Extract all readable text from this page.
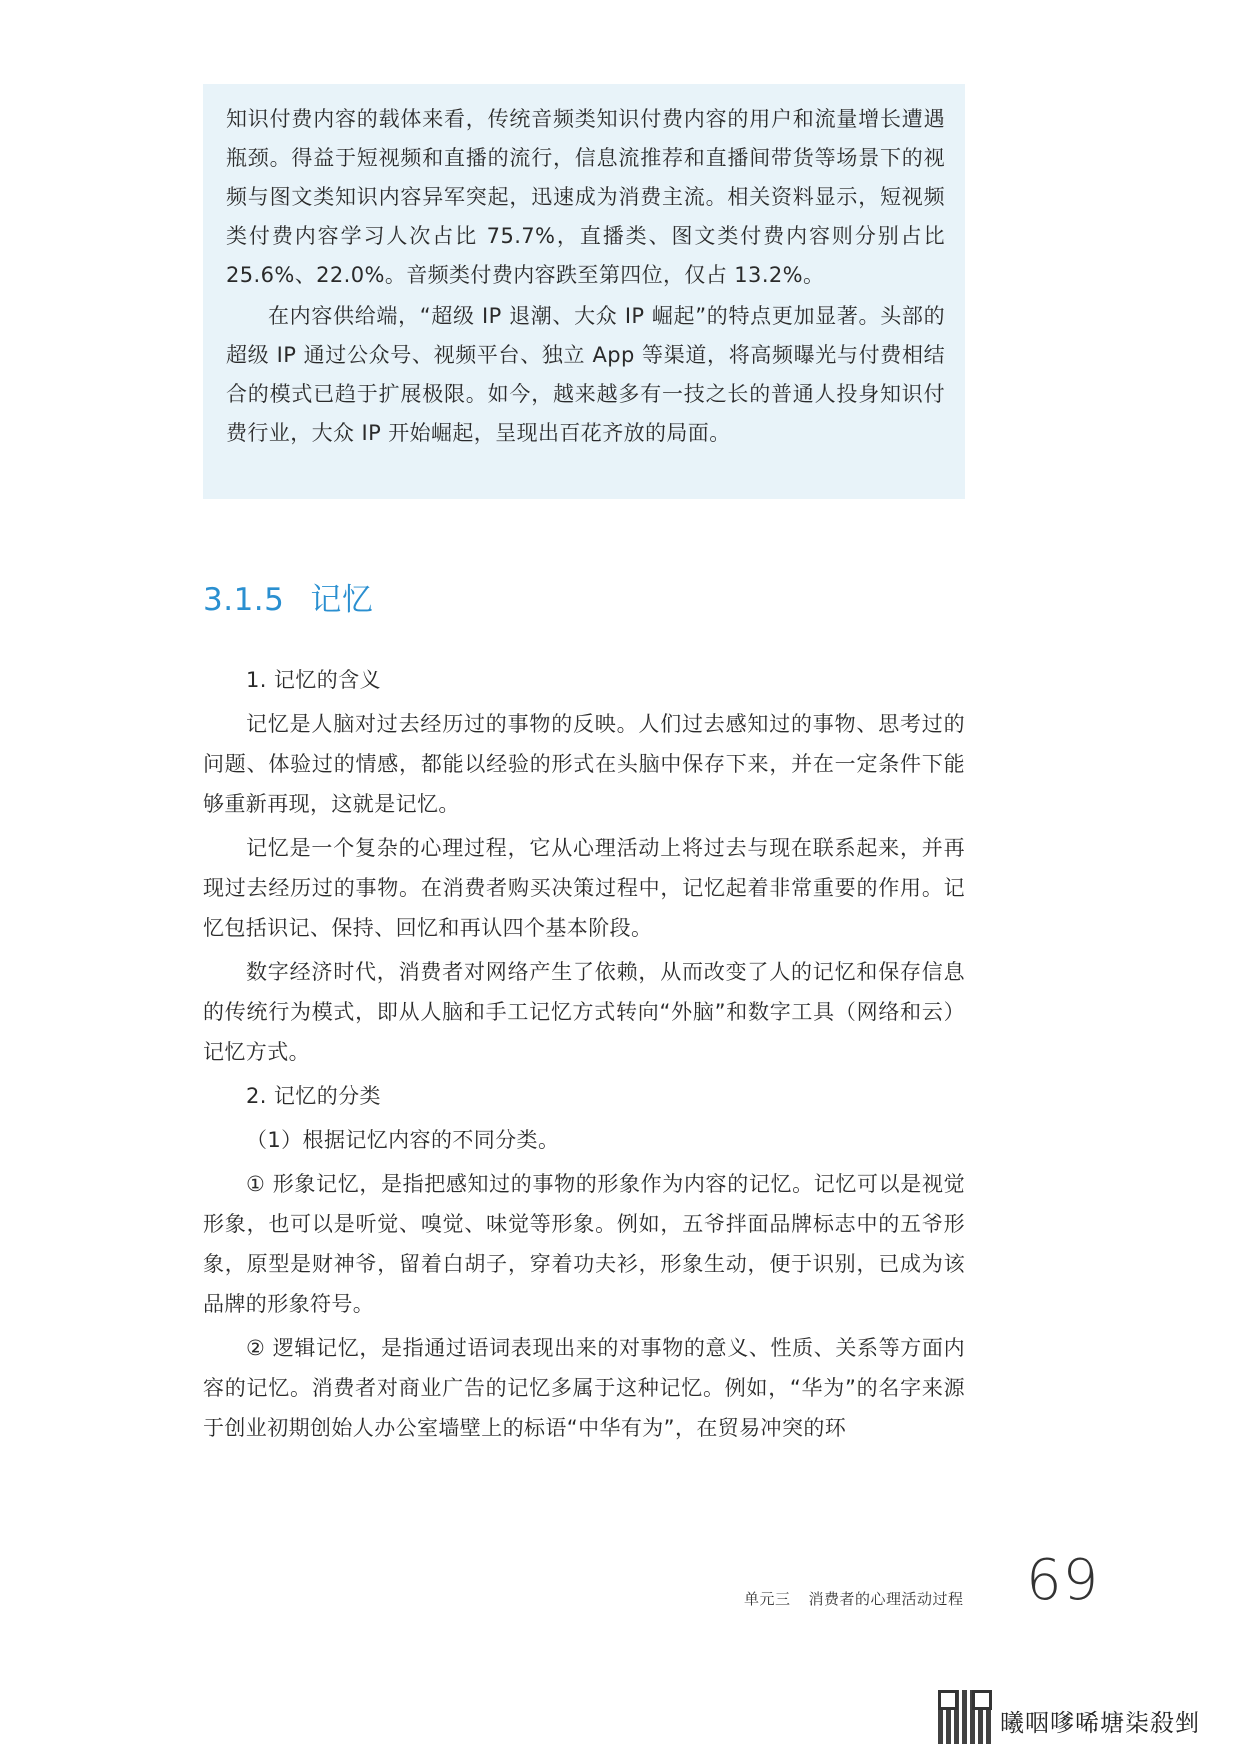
知识付费内容的载体来看，传统音频类知识付费内容的用户和流量增长遭遇瓶颈。得益于短视频和直播的流行，信息流推荐和直播间带货等场景下的视频与图文类知识内容异军突起，迅速成为消费主流。相关资料显示，短视频类付费内容学习人次占比 75.7%，直播类、图文类付费内容则分别占比 25.6%、22.0%。音频类付费内容跌至第四位，仅占 13.2%。

在内容供给端，“超级 IP 退潮、大众 IP 崛起”的特点更加显著。头部的超级 IP 通过公众号、视频平台、独立 App 等渠道，将高频曝光与付费相结合的模式已趋于扩展极限。如今，越来越多有一技之长的普通人投身知识付费行业，大众 IP 开始崛起，呈现出百花齐放的局面。

3.1.5 记忆

1. 记忆的含义

记忆是人脑对过去经历过的事物的反映。人们过去感知过的事物、思考过的问题、体验过的情感，都能以经验的形式在头脑中保存下来，并在一定条件下能够重新再现，这就是记忆。

记忆是一个复杂的心理过程，它从心理活动上将过去与现在联系起来，并再现过去经历过的事物。在消费者购买决策过程中，记忆起着非常重要的作用。记忆包括识记、保持、回忆和再认四个基本阶段。

数字经济时代，消费者对网络产生了依赖，从而改变了人的记忆和保存信息的传统行为模式，即从人脑和手工记忆方式转向“外脑”和数字工具（网络和云）记忆方式。

2. 记忆的分类

（1）根据记忆内容的不同分类。

① 形象记忆，是指把感知过的事物的形象作为内容的记忆。记忆可以是视觉形象，也可以是听觉、嗅觉、味觉等形象。例如，五爷拌面品牌标志中的五爷形象，原型是财神爷，留着白胡子，穿着功夫衫，形象生动，便于识别，已成为该品牌的形象符号。

② 逻辑记忆，是指通过语词表现出来的对事物的意义、性质、关系等方面内容的记忆。消费者对商业广告的记忆多属于这种记忆。例如，“华为”的名字来源于创业初期创始人办公室墙壁上的标语“中华有为”，在贸易冲突的环

单元三 消费者的心理活动过程 69
曦咽嗲唏塘柒殺剉
